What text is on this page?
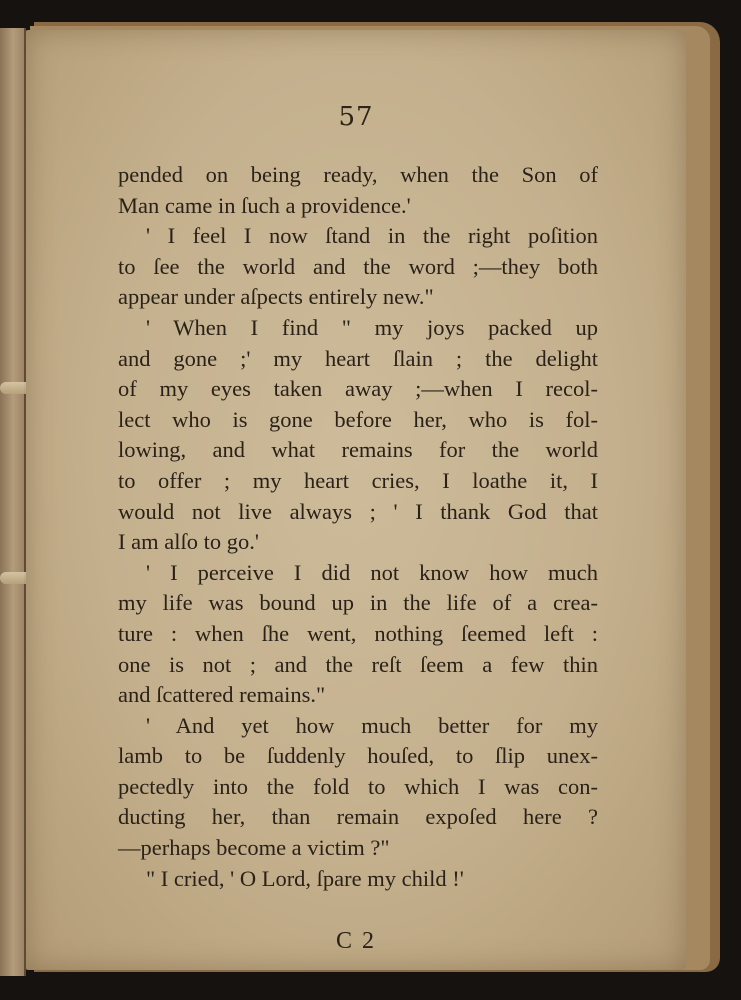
57
pended on being ready, when the Son of
Man came in ſuch a providence.'
' I feel I now ſtand in the right poſition
to ſee the world and the word ;—they both
appear under aſpects entirely new."
' When I find " my joys packed up
and gone ;' my heart ſlain ; the delight
of my eyes taken away ;—when I recol-
lect who is gone before her, who is fol-
lowing, and what remains for the world
to offer ; my heart cries, I loathe it, I
would not live always ; ' I thank God that
I am alſo to go.'
' I perceive I did not know how much
my life was bound up in the life of a crea-
ture : when ſhe went, nothing ſeemed left :
one is not ; and the reſt ſeem a few thin
and ſcattered remains."
' And yet how much better for my
lamb to be ſuddenly houſed, to ſlip unex-
pectedly into the fold to which I was con-
ducting her, than remain expoſed here ?
—perhaps become a victim ?"
" I cried, ' O Lord, ſpare my child !'
C 2
